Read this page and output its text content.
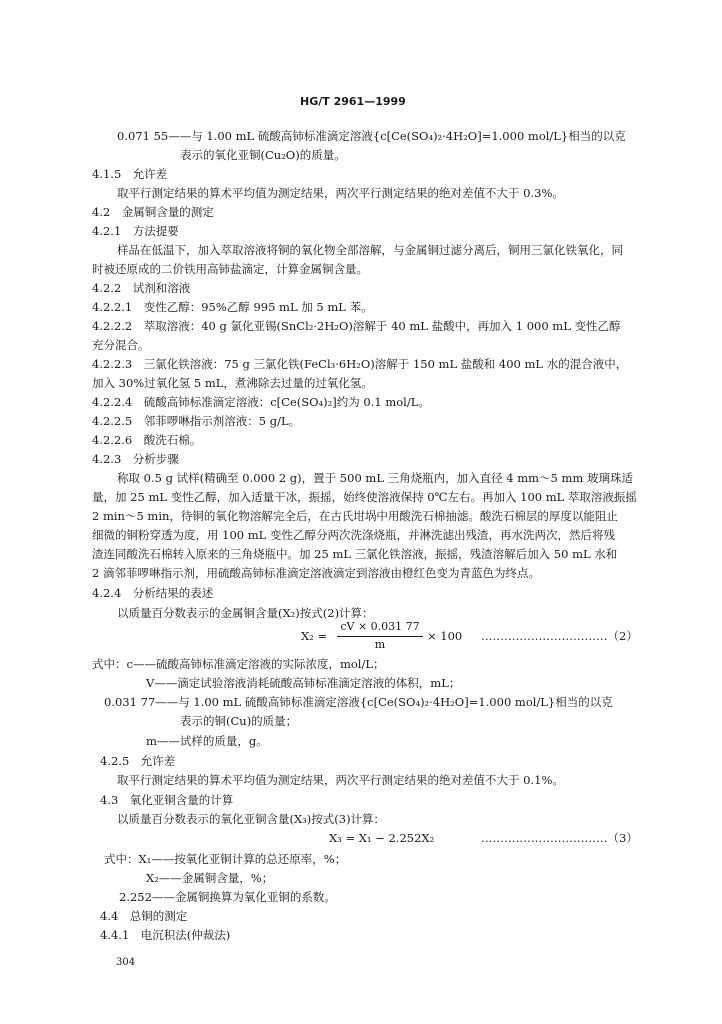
HG/T 2961—1999
0.071 55——与 1.00 mL 硫酸高铈标准滴定溶液{c[Ce(SO₄)₂·4H₂O]=1.000 mol/L}相当的以克
表示的氧化亚铜(Cu₂O)的质量。
4.1.5　允许差
取平行测定结果的算术平均值为测定结果，两次平行测定结果的绝对差值不大于 0.3%。
4.2　金属铜含量的测定
4.2.1　方法提要
样品在低温下，加入萃取溶液将铜的氧化物全部溶解，与金属铜过滤分离后，铜用三氯化铁氧化，同
时被还原成的二价铁用高铈盐滴定，计算金属铜含量。
4.2.2　试剂和溶液
4.2.2.1　变性乙醇：95%乙醇 995 mL 加 5 mL 苯。
4.2.2.2　萃取溶液：40 g 氯化亚锡(SnCl₂·2H₂O)溶解于 40 mL 盐酸中，再加入 1 000 mL 变性乙醇
充分混合。
4.2.2.3　三氯化铁溶液：75 g 三氯化铁(FeCl₃·6H₂O)溶解于 150 mL 盐酸和 400 mL 水的混合液中，
加入 30%过氧化氢 5 mL，煮沸除去过量的过氧化氢。
4.2.2.4　硫酸高铈标准滴定溶液：c[Ce(SO₄)₂]约为 0.1 mol/L。
4.2.2.5　邻菲啰啉指示剂溶液：5 g/L。
4.2.2.6　酸洗石棉。
4.2.3　分析步骤
称取 0.5 g 试样(精确至 0.000 2 g)，置于 500 mL 三角烧瓶内，加入直径 4 mm～5 mm 玻璃珠适
量，加 25 mL 变性乙醇，加入适量干冰，振摇，始终使溶液保持 0℃左右。再加入 100 mL 萃取溶液振摇
2 min～5 min，待铜的氧化物溶解完全后，在古氏坩埚中用酸洗石棉抽滤。酸洗石棉层的厚度以能阻止
细微的铜粉穿透为度，用 100 mL 变性乙醇分两次洗涤烧瓶，并淋洗滤出残渣，再水洗两次，然后将残
渣连同酸洗石棉转入原来的三角烧瓶中。加 25 mL 三氯化铁溶液，振摇，残渣溶解后加入 50 mL 水和
2 滴邻菲啰啉指示剂，用硫酸高铈标准滴定溶液滴定到溶液由橙红色变为青蓝色为终点。
4.2.4　分析结果的表述
以质量百分数表示的金属铜含量(X₂)按式(2)计算：
X₂ =
cV × 0.031 77
m
× 100 ……………………………（2）
式中：c——硫酸高铈标准滴定溶液的实际浓度，mol/L；
V——滴定试验溶液消耗硫酸高铈标准滴定溶液的体积，mL；
0.031 77——与 1.00 mL 硫酸高铈标准滴定溶液{c[Ce(SO₄)₂·4H₂O]=1.000 mol/L}相当的以克
表示的铜(Cu)的质量；
m——试样的质量，g。
4.2.5　允许差
取平行测定结果的算术平均值为测定结果，两次平行测定结果的绝对差值不大于 0.1%。
4.3　氧化亚铜含量的计算
以质量百分数表示的氧化亚铜含量(X₃)按式(3)计算：
X₃ = X₁ − 2.252X₂	……………………………（3）
式中：X₁——按氧化亚铜计算的总还原率，%；
X₂——金属铜含量，%；
2.252——金属铜换算为氧化亚铜的系数。
4.4　总铜的测定
4.4.1　电沉积法(仲裁法)
304
